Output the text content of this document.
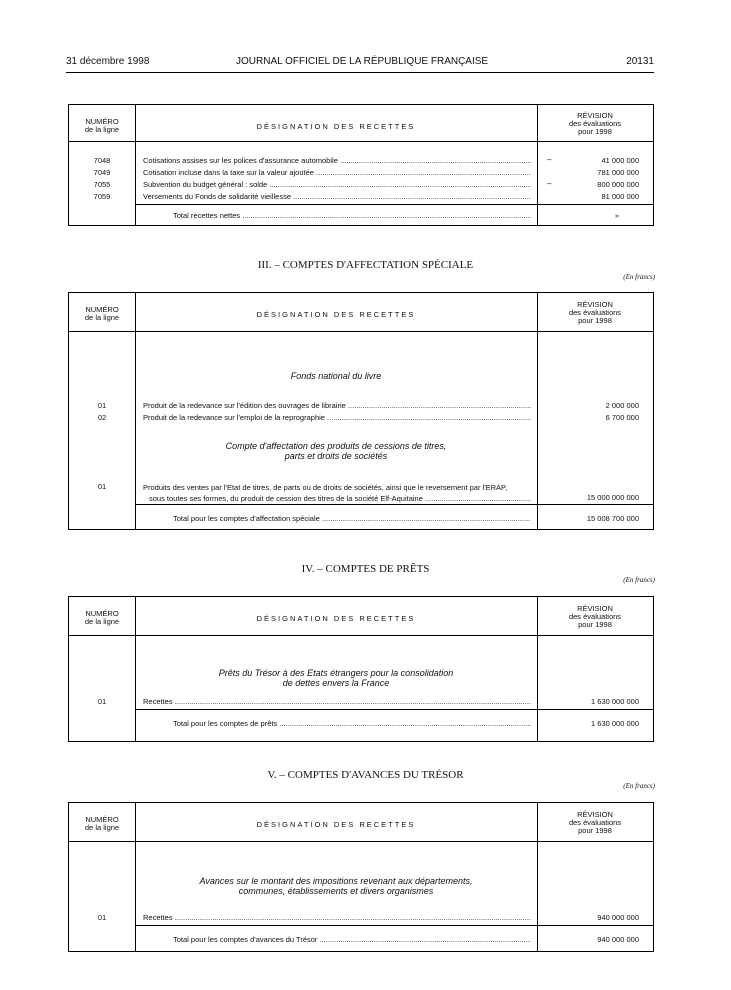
31 décembre 1998	JOURNAL OFFICIEL DE LA RÉPUBLIQUE FRANÇAISE	20131
NUMÉRO
de la ligne	DÉSIGNATION DES RECETTES
RÉVISION
des évaluations
pour 1998
7048	Cotisations assises sur les polices d'assurance automobile .....	–	41 000 000
7049	Cotisation incluse dans la taxe sur la valeur ajoutée .....	781 000 000
7055	Subvention du budget général : solde .....	–	800 000 000
7059	Versements du Fonds de solidarité vieillesse .....	81 000 000
Total recettes nettes .....	»
III. – COMPTES D'AFFECTATION SPÉCIALE
(En francs)
NUMÉRO
de la ligne	DÉSIGNATION DES RECETTES
RÉVISION
des évaluations
pour 1998
Fonds national du livre
01	Produit de la redevance sur l'édition des ouvrages de librairie .....	2 000 000
02	Produit de la redevance sur l'emploi de la reprographie .....	6 700 000
Compte d'affectation des produits de cessions de titres,
parts et droits de sociétés
01	Produits des ventes par l'Etat de titres, de parts ou de droits de sociétés, ainsi que le reversement par l'ERAP,
sous toutes ses formes, du produit de cession des titres de la société Elf-Aquitaine .....	15 000 000 000
Total pour les comptes d'affectation spéciale .....	15 008 700 000
IV. – COMPTES DE PRÊTS
(En francs)
NUMÉRO
de la ligne	DÉSIGNATION DES RECETTES
RÉVISION
des évaluations
pour 1998
Prêts du Trésor à des Etats étrangers pour la consolidation
de dettes envers la France
01	Recettes .....	1 630 000 000
Total pour les comptes de prêts .....	1 630 000 000
V. – COMPTES D'AVANCES DU TRÉSOR
(En francs)
NUMÉRO
de la ligne	DÉSIGNATION DES RECETTES
RÉVISION
des évaluations
pour 1998
Avances sur le montant des impositions revenant aux départements,
communes, établissements et divers organismes
01	Recettes .....	940 000 000
Total pour les comptes d'avances du Trésor .....	940 000 000
